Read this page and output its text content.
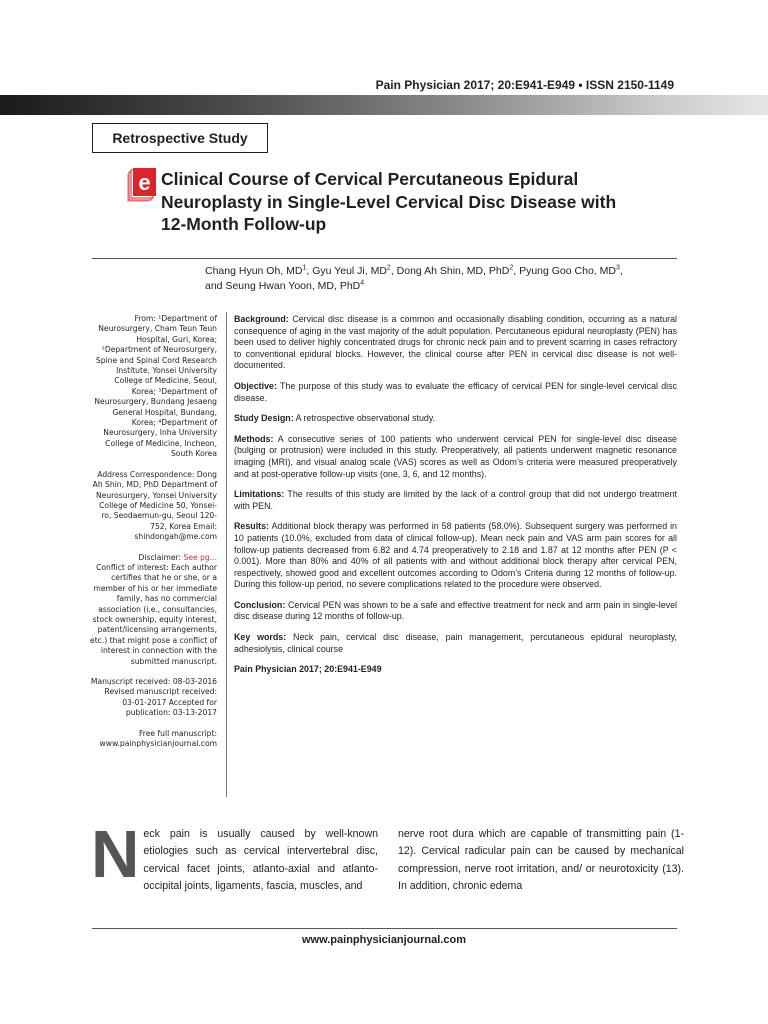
Pain Physician 2017; 20:E941-E949 • ISSN 2150-1149
Retrospective Study
e Clinical Course of Cervical Percutaneous Epidural Neuroplasty in Single-Level Cervical Disc Disease with 12-Month Follow-up
Chang Hyun Oh, $MD^1$, Gyu Yeul Ji, $MD^2$, Dong Ah Shin, MD, PhD$^2$, Pyung Goo Cho, $MD^3$,
and Seung Hwan Yoon, MD, PhD$^4$

From: ¹Department of Neurosurgery, Cham Teun Teun Hospital, Guri, Korea; ²Department of Neurosurgery, Spine and Spinal Cord Research Institute, Yonsei University College of Medicine, Seoul, Korea; ³Department of Neurosurgery, Bundang Jesaeng General Hospital, Bundang, Korea; ⁴Department of Neurosurgery, Inha University College of Medicine, Incheon, South Korea

Address Correspondence: Dong Ah Shin, MD, PhD Department of Neurosurgery, Yonsei University College of Medicine 50, Yonsei-ro, Seodaemun-gu, Seoul 120-752, Korea Email: shindongah@me.com

Disclaimer: See pg...
Conflict of interest: Each author certifies that he or she, or a member of his or her immediate family, has no commercial association (i.e., consultancies, stock ownership, equity interest, patent/licensing arrangements, etc.) that might pose a conflict of interest in connection with the submitted manuscript.

Manuscript received: 08-03-2016 Revised manuscript received: 03-01-2017 Accepted for publication: 03-13-2017

Free full manuscript: www.painphysicianjournal.com

Background: Cervical disc disease is a common and occasionally disabling condition, occurring as a natural consequence of aging in the vast majority of the adult population. Percutaneous epidural neuroplasty (PEN) has been used to deliver highly concentrated drugs for chronic neck pain and to prevent scarring in cases refractory to conventional epidural blocks. However, the clinical course after PEN in cervical disc disease is not well-documented.

Objective: The purpose of this study was to evaluate the efficacy of cervical PEN for single-level cervical disc disease.

Study Design: A retrospective observational study.

Methods: A consecutive series of 100 patients who underwent cervical PEN for single-level disc disease (bulging or protrusion) were included in this study. Preoperatively, all patients underwent magnetic resonance imaging (MRI), and visual analog scale (VAS) scores as well as Odom’s criteria were measured preoperatively and at post-operative follow-up visits (one, 3, 6, and 12 months).

Limitations: The results of this study are limited by the lack of a control group that did not undergo treatment with PEN.

Results: Additional block therapy was performed in 58 patients (58.0%). Subsequent surgery was performed in 10 patients (10.0%, excluded from data of clinical follow-up). Mean neck pain and VAS arm pain scores for all follow-up patients decreased from 6.82 and 4.74 preoperatively to 2.18 and 1.87 at 12 months after PEN (P < 0.001). More than 80% and 40% of all patients with and without additional block therapy after cervical PEN, respectively, showed good and excellent outcomes according to Odom’s Criteria during 12 months of follow-up. During this follow-up period, no severe complications related to the procedure were observed.

Conclusion: Cervical PEN was shown to be a safe and effective treatment for neck and arm pain in single-level disc disease during 12 months of follow-up.

Key words: Neck pain, cervical disc disease, pain management, percutaneous epidural neuroplasty, adhesiolysis, clinical course

Pain Physician 2017; 20:E941-E949

Neck pain is usually caused by well-known etiologies such as cervical intervertebral disc, cervical facet joints, atlanto-axial and atlanto-occipital joints, ligaments, fascia, muscles, and
nerve root dura which are capable of transmitting pain (1-12). Cervical radicular pain can be caused by mechanical compression, nerve root irritation, and/ or neurotoxicity (13). In addition, chronic edema
www.painphysicianjournal.com
